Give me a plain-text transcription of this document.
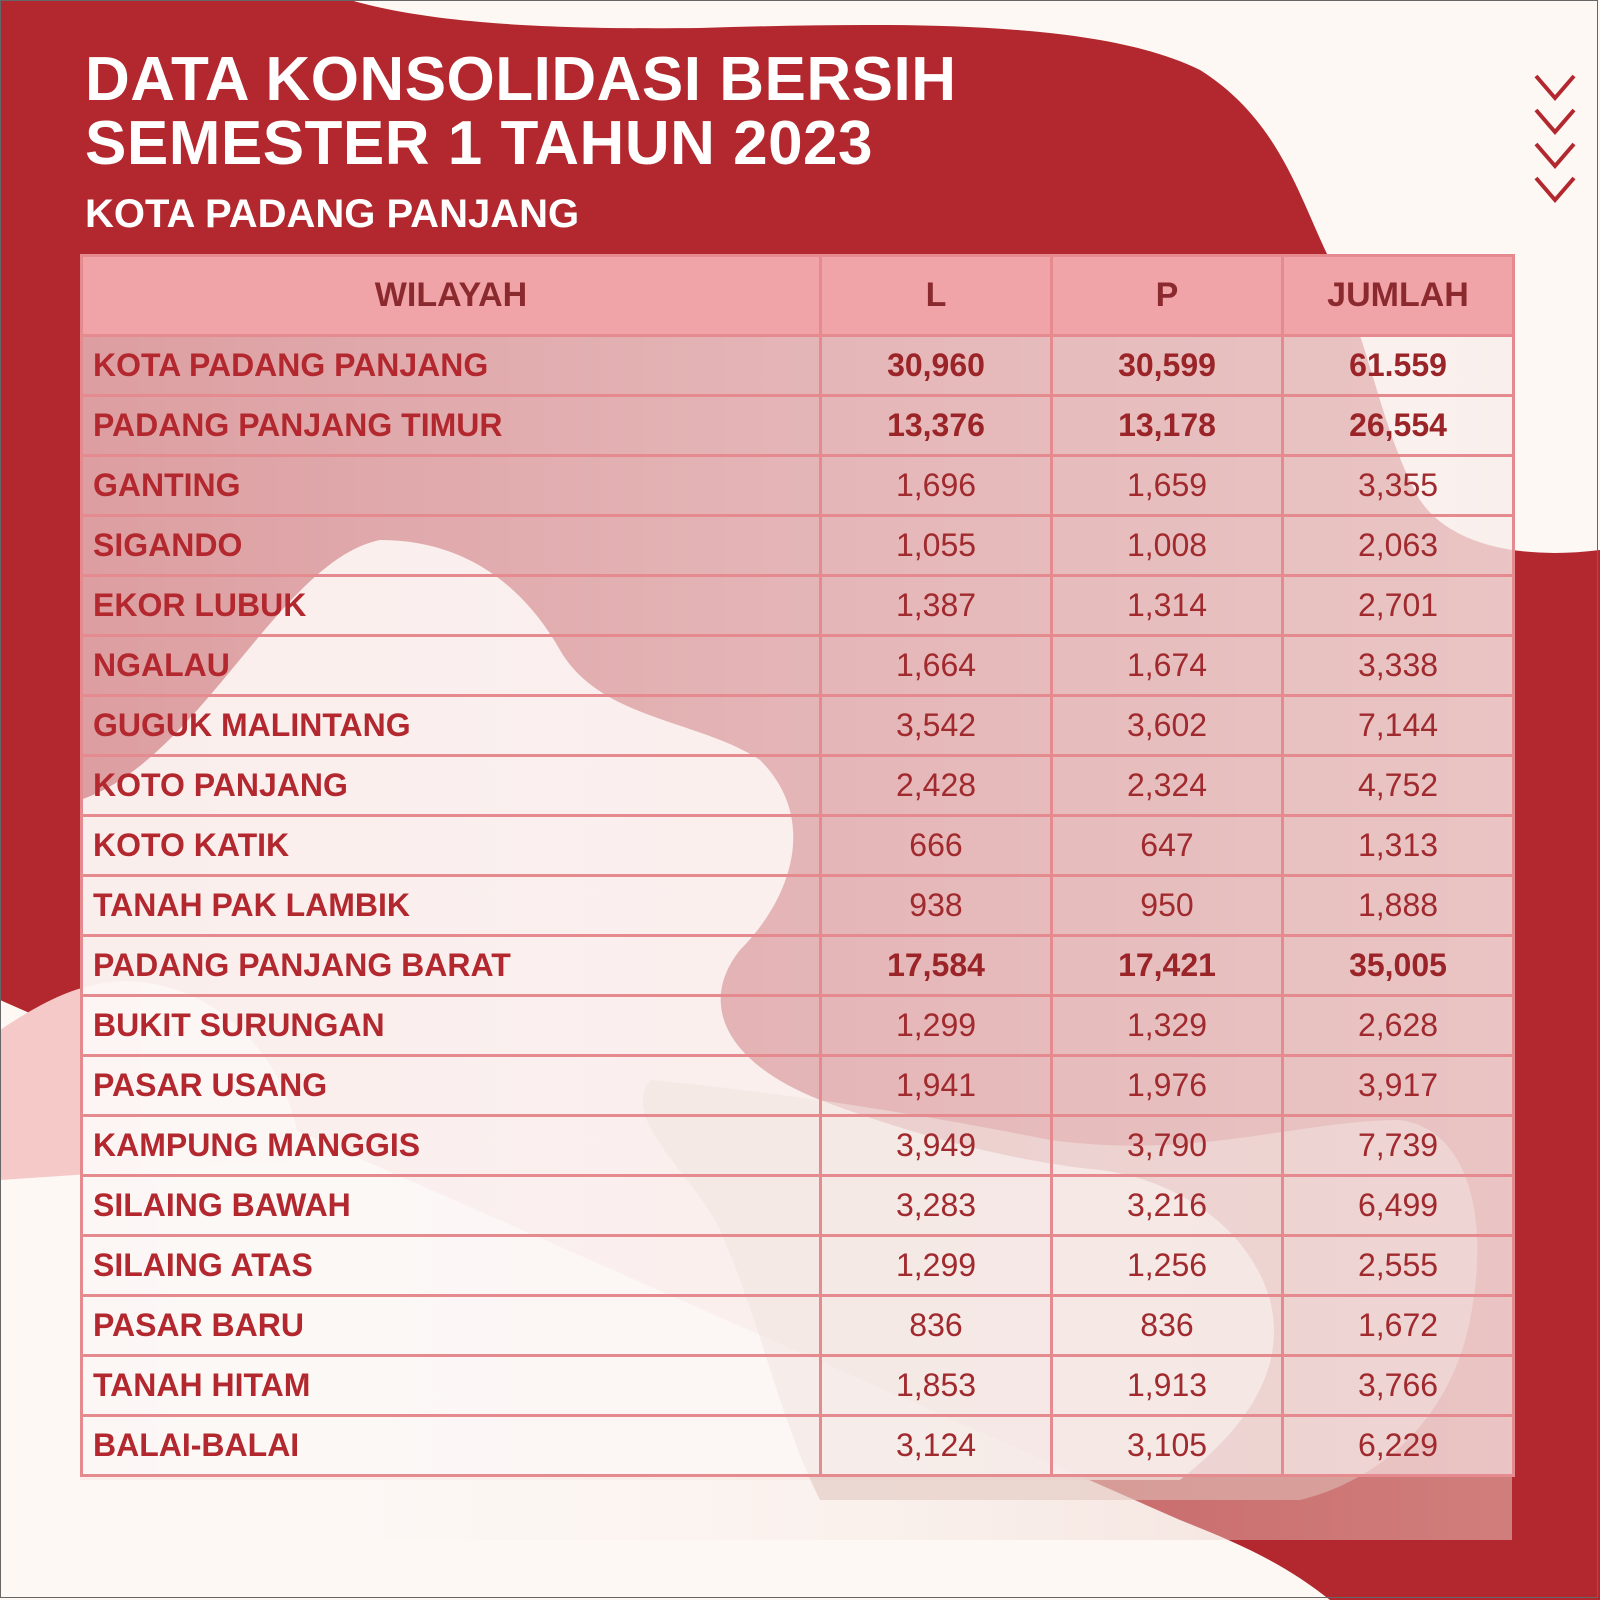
DATA KONSOLIDASI BERSIH
SEMESTER 1 TAHUN 2023
KOTA PADANG PANJANG
WILAYAH	L	P	JUMLAH
KOTA PADANG PANJANG	30,960	30,599	61.559
PADANG PANJANG TIMUR	13,376	13,178	26,554
GANTING	1,696	1,659	3,355
SIGANDO	1,055	1,008	2,063
EKOR LUBUK	1,387	1,314	2,701
NGALAU	1,664	1,674	3,338
GUGUK MALINTANG	3,542	3,602	7,144
KOTO PANJANG	2,428	2,324	4,752
KOTO KATIK	666	647	1,313
TANAH PAK LAMBIK	938	950	1,888
PADANG PANJANG BARAT	17,584	17,421	35,005
BUKIT SURUNGAN	1,299	1,329	2,628
PASAR USANG	1,941	1,976	3,917
KAMPUNG MANGGIS	3,949	3,790	7,739
SILAING BAWAH	3,283	3,216	6,499
SILAING ATAS	1,299	1,256	2,555
PASAR BARU	836	836	1,672
TANAH HITAM	1,853	1,913	3,766
BALAI-BALAI	3,124	3,105	6,229
